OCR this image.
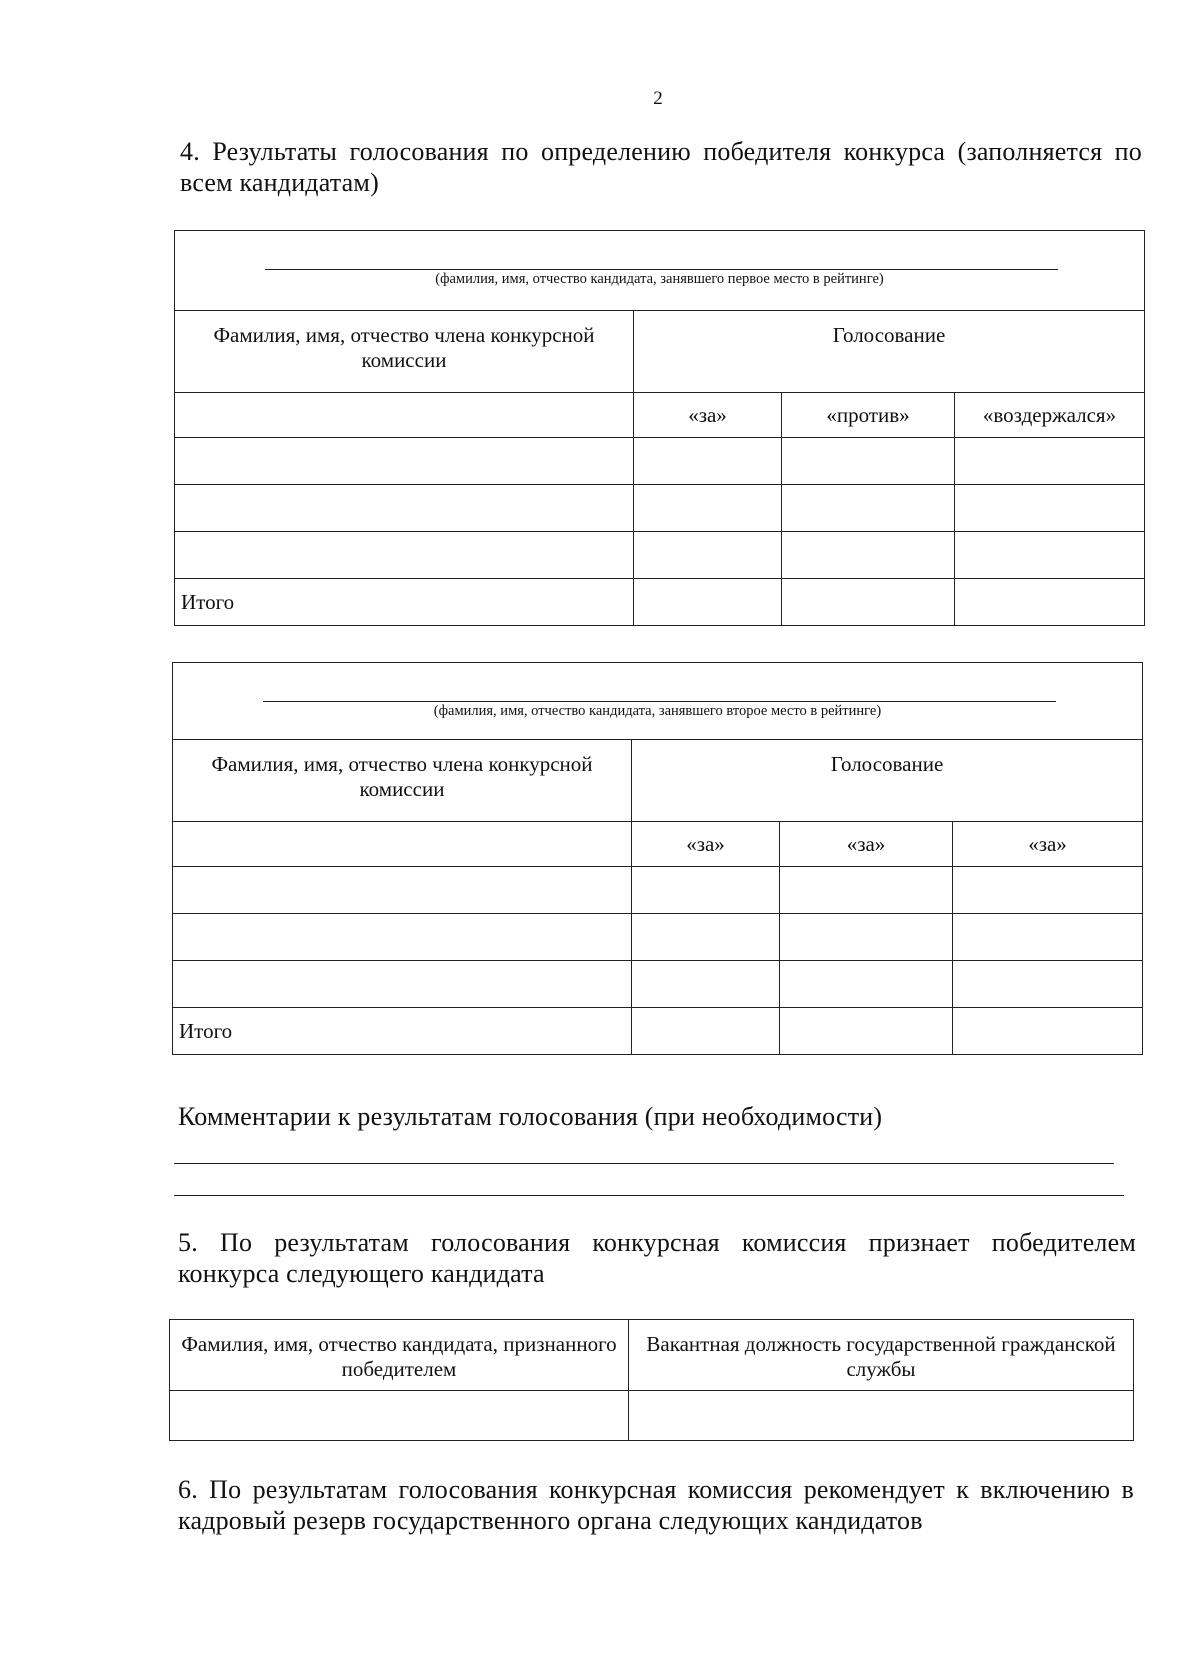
2
4. Результаты голосования по определению победителя конкурса (заполняется по всем кандидатам)
(фамилия, имя, отчество кандидата, занявшего первое место в рейтинге)			

Фамилия, имя, отчество члена конкурсной комиссии	Голосование		
	«за»	«против»	«воздержался»

Итого			
(фамилия, имя, отчество кандидата, занявшего второе место в рейтинге)			

Фамилия, имя, отчество члена конкурсной комиссии	Голосование		
	«за»	«за»	«за»

Итого			
Комментарии к результатам голосования (при необходимости)
5. По результатам голосования конкурсная комиссия признает победителем конкурса следующего кандидата
Фамилия, имя, отчество кандидата, признанного победителем	Вакантная должность государственной гражданской службы

6. По результатам голосования конкурсная комиссия рекомендует к включению в кадровый резерв государственного органа следующих кандидатов
